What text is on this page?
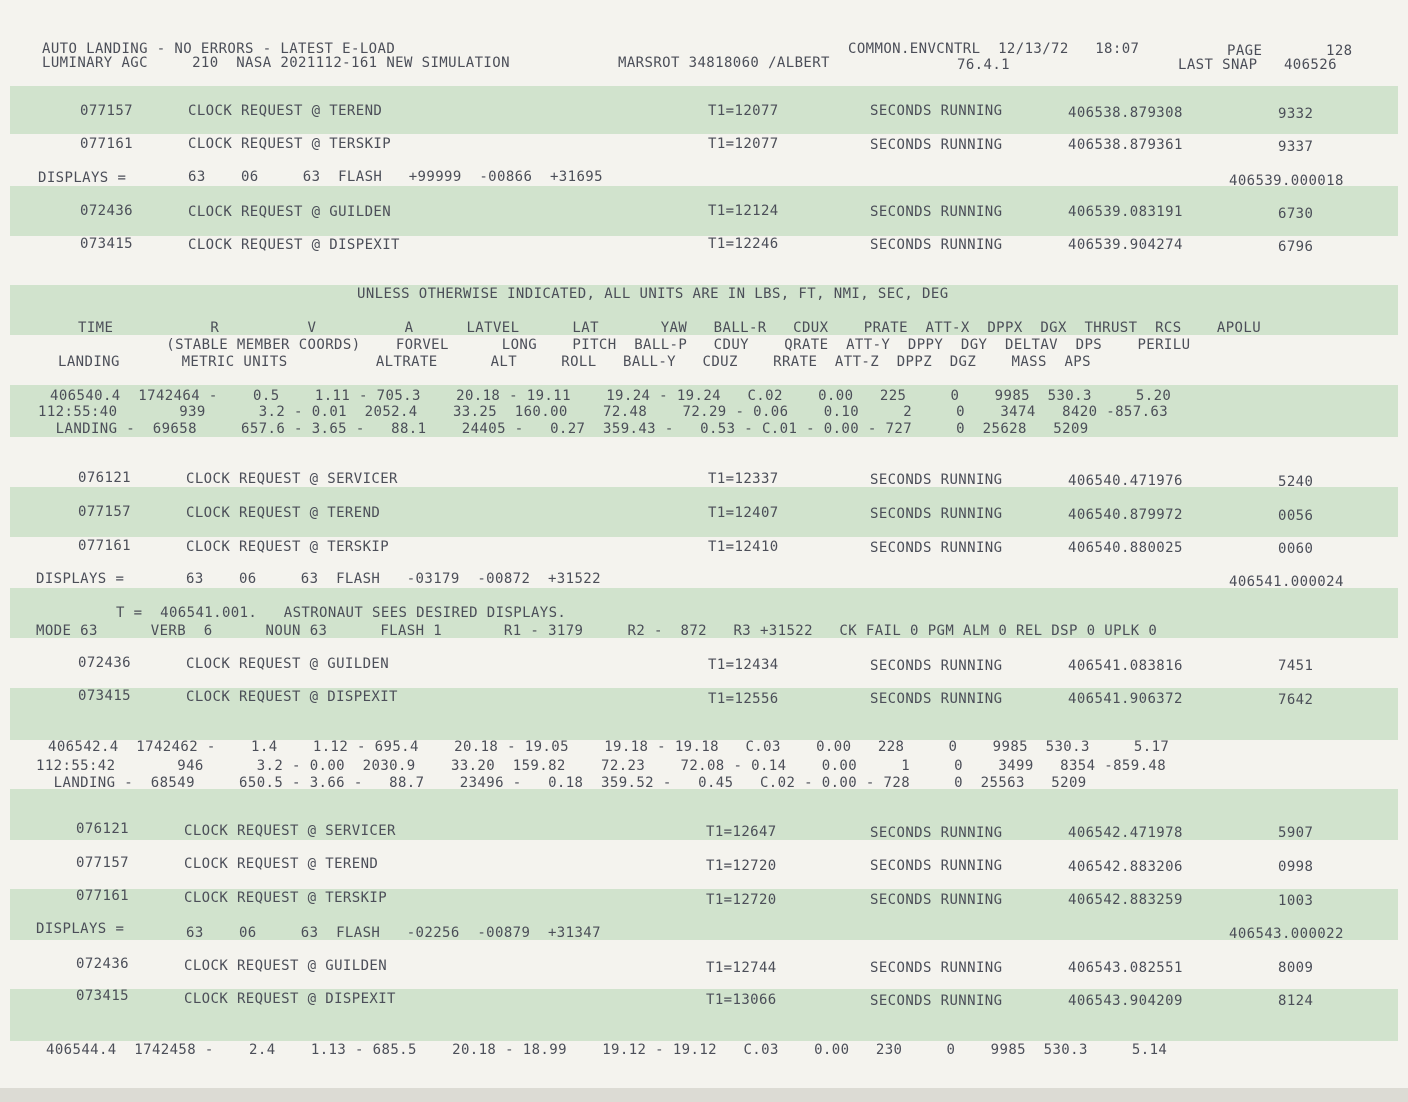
AUTO LANDING - NO ERRORS - LATEST E-LOAD	COMMON.ENVCNTRL  12/13/72   18:07	PAGE	128
LUMINARY AGC     210  NASA 2021112-161 NEW SIMULATION	MARSROT 34818060 /ALBERT	76.4.1	LAST SNAP   406526
077157	CLOCK REQUEST @ TEREND	T1=12077	SECONDS RUNNING	406538.879308	9332
077161	CLOCK REQUEST @ TERSKIP	T1=12077	SECONDS RUNNING	406538.879361	9337
DISPLAYS =	63    06     63  FLASH   +99999  -00866  +31695	406539.000018
072436	CLOCK REQUEST @ GUILDEN	T1=12124	SECONDS RUNNING	406539.083191	6730
073415	CLOCK REQUEST @ DISPEXIT	T1=12246	SECONDS RUNNING	406539.904274	6796
UNLESS OTHERWISE INDICATED, ALL UNITS ARE IN LBS, FT, NMI, SEC, DEG
TIME           R          V          A      LATVEL      LAT       YAW   BALL-R   CDUX    PRATE  ATT-X  DPPX  DGX  THRUST  RCS    APOLU
(STABLE MEMBER COORDS)    FORVEL      LONG    PITCH  BALL-P   CDUY    QRATE  ATT-Y  DPPY  DGY  DELTAV  DPS    PERILU
LANDING       METRIC UNITS          ALTRATE      ALT     ROLL   BALL-Y   CDUZ    RRATE  ATT-Z  DPPZ  DGZ    MASS  APS
406540.4  1742464 -    0.5    1.11 - 705.3    20.18 - 19.11    19.24 - 19.24   C.02    0.00   225     0    9985  530.3     5.20
112:55:40       939      3.2 - 0.01  2052.4    33.25  160.00    72.48    72.29 - 0.06    0.10     2     0    3474   8420 -857.63
LANDING -  69658     657.6 - 3.65 -   88.1    24405 -   0.27  359.43 -   0.53 - C.01 - 0.00 - 727     0  25628   5209
076121	CLOCK REQUEST @ SERVICER	T1=12337	SECONDS RUNNING	406540.471976	5240
077157	CLOCK REQUEST @ TEREND	T1=12407	SECONDS RUNNING	406540.879972	0056
077161	CLOCK REQUEST @ TERSKIP	T1=12410	SECONDS RUNNING	406540.880025	0060
DISPLAYS =	63    06     63  FLASH   -03179  -00872  +31522	406541.000024
T =  406541.001.   ASTRONAUT SEES DESIRED DISPLAYS.
MODE 63      VERB  6      NOUN 63      FLASH 1       R1 - 3179     R2 -  872   R3 +31522   CK FAIL 0 PGM ALM 0 REL DSP 0 UPLK 0
072436	CLOCK REQUEST @ GUILDEN	T1=12434	SECONDS RUNNING	406541.083816	7451
073415	CLOCK REQUEST @ DISPEXIT	T1=12556	SECONDS RUNNING	406541.906372	7642
406542.4  1742462 -    1.4    1.12 - 695.4    20.18 - 19.05    19.18 - 19.18   C.03    0.00   228     0    9985  530.3     5.17
112:55:42       946      3.2 - 0.00  2030.9    33.20  159.82    72.23    72.08 - 0.14    0.00     1     0    3499   8354 -859.48
LANDING -  68549     650.5 - 3.66 -   88.7    23496 -   0.18  359.52 -   0.45   C.02 - 0.00 - 728     0  25563   5209
076121	CLOCK REQUEST @ SERVICER	T1=12647	SECONDS RUNNING	406542.471978	5907
077157	CLOCK REQUEST @ TEREND	T1=12720	SECONDS RUNNING	406542.883206	0998
077161	CLOCK REQUEST @ TERSKIP	T1=12720	SECONDS RUNNING	406542.883259	1003
DISPLAYS =	63    06     63  FLASH   -02256  -00879  +31347	406543.000022
072436	CLOCK REQUEST @ GUILDEN	T1=12744	SECONDS RUNNING	406543.082551	8009
073415	CLOCK REQUEST @ DISPEXIT	T1=13066	SECONDS RUNNING	406543.904209	8124
406544.4  1742458 -    2.4    1.13 - 685.5    20.18 - 18.99    19.12 - 19.12   C.03    0.00   230     0    9985  530.3     5.14
